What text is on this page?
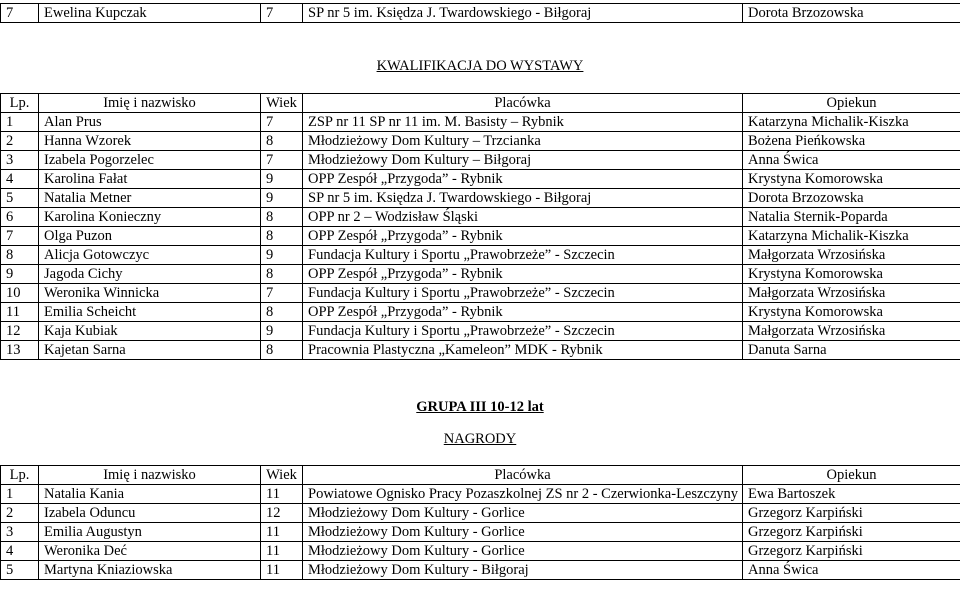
7	Ewelina Kupczak	7	SP nr 5 im. Księdza J. Twardowskiego - Biłgoraj	Dorota Brzozowska
KWALIFIKACJA DO WYSTAWY
Lp.	Imię i nazwisko	Wiek	Placówka	Opiekun
1	Alan Prus	7	ZSP nr 11 SP nr 11 im. M. Basisty – Rybnik	Katarzyna Michalik-Kiszka
2	Hanna Wzorek	8	Młodzieżowy Dom Kultury – Trzcianka	Bożena Pieńkowska
3	Izabela Pogorzelec	7	Młodzieżowy Dom Kultury – Biłgoraj	Anna Świca
4	Karolina Fałat	9	OPP Zespół „Przygoda” - Rybnik	Krystyna Komorowska
5	Natalia Metner	9	SP nr 5 im. Księdza J. Twardowskiego - Biłgoraj	Dorota Brzozowska
6	Karolina Konieczny	8	OPP nr 2 – Wodzisław Śląski	Natalia Sternik-Poparda
7	Olga Puzon	8	OPP Zespół „Przygoda” - Rybnik	Katarzyna Michalik-Kiszka
8	Alicja Gotowczyc	9	Fundacja Kultury i Sportu „Prawobrzeże” - Szczecin	Małgorzata Wrzosińska
9	Jagoda Cichy	8	OPP Zespół „Przygoda” - Rybnik	Krystyna Komorowska
10	Weronika Winnicka	7	Fundacja Kultury i Sportu „Prawobrzeże” - Szczecin	Małgorzata Wrzosińska
11	Emilia Scheicht	8	OPP Zespół „Przygoda” - Rybnik	Krystyna Komorowska
12	Kaja Kubiak	9	Fundacja Kultury i Sportu „Prawobrzeże” - Szczecin	Małgorzata Wrzosińska
13	Kajetan Sarna	8	Pracownia Plastyczna „Kameleon” MDK - Rybnik	Danuta Sarna
GRUPA III 10-12 lat
NAGRODY
Lp.	Imię i nazwisko	Wiek	Placówka	Opiekun
1	Natalia Kania	11	Powiatowe Ognisko Pracy Pozaszkolnej ZS nr 2 - Czerwionka-Leszczyny	Ewa Bartoszek
2	Izabela Oduncu	12	Młodzieżowy Dom Kultury - Gorlice	Grzegorz Karpiński
3	Emilia Augustyn	11	Młodzieżowy Dom Kultury - Gorlice	Grzegorz Karpiński
4	Weronika Deć	11	Młodzieżowy Dom Kultury - Gorlice	Grzegorz Karpiński
5	Martyna Kniaziowska	11	Młodzieżowy Dom Kultury - Biłgoraj	Anna Świca
